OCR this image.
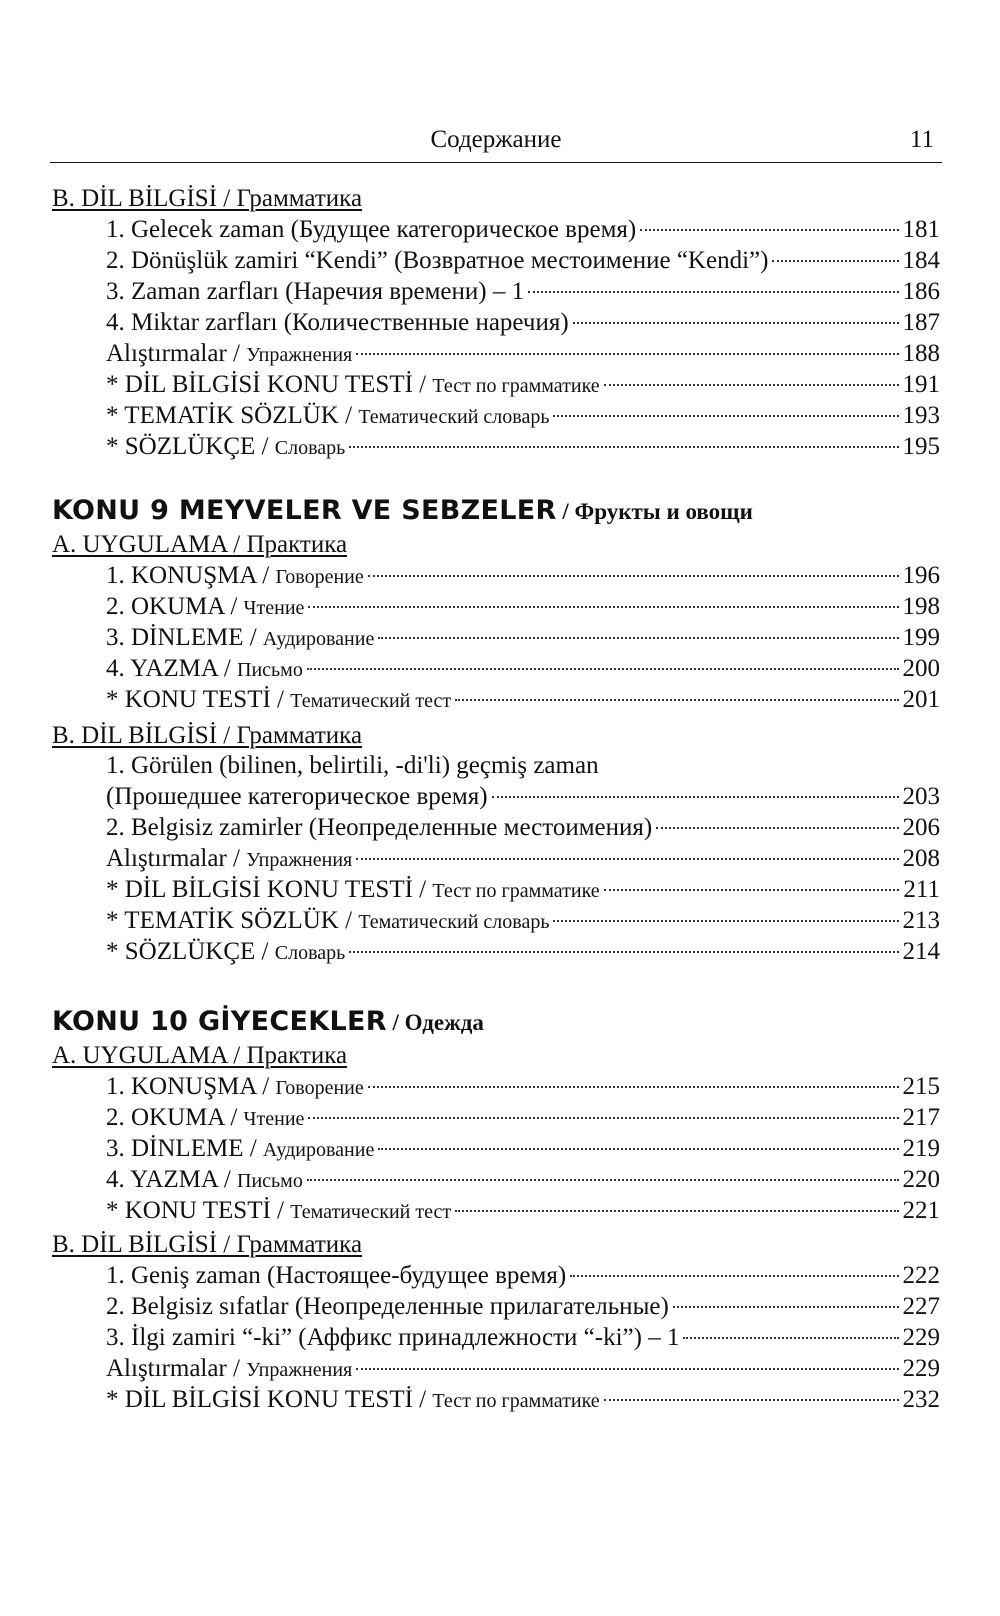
Содержание	11
B. DİL BİLGİSİ / Грамматика
1. Gelecek zaman (Будущее категорическое время)	181
2. Dönüşlük zamiri “Kendi” (Возвратное местоимение “Kendi”)	184
3. Zaman zarfları (Наречия времени) – 1	186
4. Miktar zarfları (Количественные наречия)	187
Alıştırmalar / Упражнения	188
* DİL BİLGİSİ KONU TESTİ / Тест по грамматике	191
* TEMATİK SÖZLÜK / Тематический словарь	193
* SÖZLÜKÇE / Словарь	195
KONU 9 MEYVELER VE SEBZELER / Фрукты и овощи
A. UYGULAMA / Практика
1. KONUŞMA / Говорение	196
2. OKUMA / Чтение	198
3. DİNLEME / Аудирование	199
4. YAZMA / Письмо	200
* KONU TESTİ / Тематический тест	201
B. DİL BİLGİSİ / Грамматика
1. Görülen (bilinen, belirtili, -di'li) geçmiş zaman
(Прошедшее категорическое время)	203
2. Belgisiz zamirler (Неопределенные местоимения)	206
Alıştırmalar / Упражнения	208
* DİL BİLGİSİ KONU TESTİ / Тест по грамматике	211
* TEMATİK SÖZLÜK / Тематический словарь	213
* SÖZLÜKÇE / Словарь	214
KONU 10 GİYECEKLER / Одежда
A. UYGULAMA / Практика
1. KONUŞMA / Говорение	215
2. OKUMA / Чтение	217
3. DİNLEME / Аудирование	219
4. YAZMA / Письмо	220
* KONU TESTİ / Тематический тест	221
B. DİL BİLGİSİ / Грамматика
1. Geniş zaman (Настоящее-будущее время)	222
2. Belgisiz sıfatlar (Неопределенные прилагательные)	227
3. İlgi zamiri “-ki” (Аффикс принадлежности “-ki”) – 1	229
Alıştırmalar / Упражнения	229
* DİL BİLGİSİ KONU TESTİ / Тест по грамматике	232
